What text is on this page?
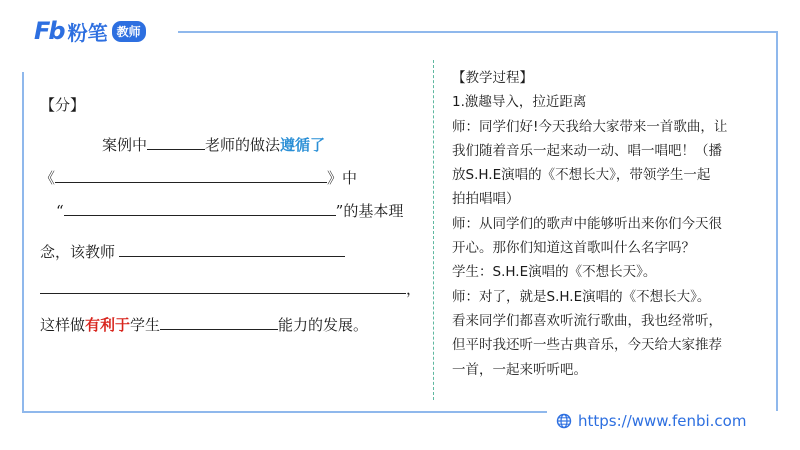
Fb 粉笔 教师
【分】
案例中	老师的做法遵循了
《	》中
“	”的基本理
念，该教师
，
这样做有利于学生	能力的发展。

【教学过程】

1.激趣导入，拉近距离

师：同学们好!今天我给大家带来一首歌曲，让

我们随着音乐一起来动一动、唱一唱吧！（播

放S.H.E演唱的《不想长大》，带领学生一起

拍拍唱唱）

师：从同学们的歌声中能够听出来你们今天很

开心。那你们知道这首歌叫什么名字吗？

学生：S.H.E演唱的《不想长天》。

师：对了，就是S.H.E演唱的《不想长大》。

看来同学们都喜欢听流行歌曲，我也经常听，

但平时我还听一些古典音乐，今天给大家推荐

一首，一起来听听吧。

https://www.fenbi.com
